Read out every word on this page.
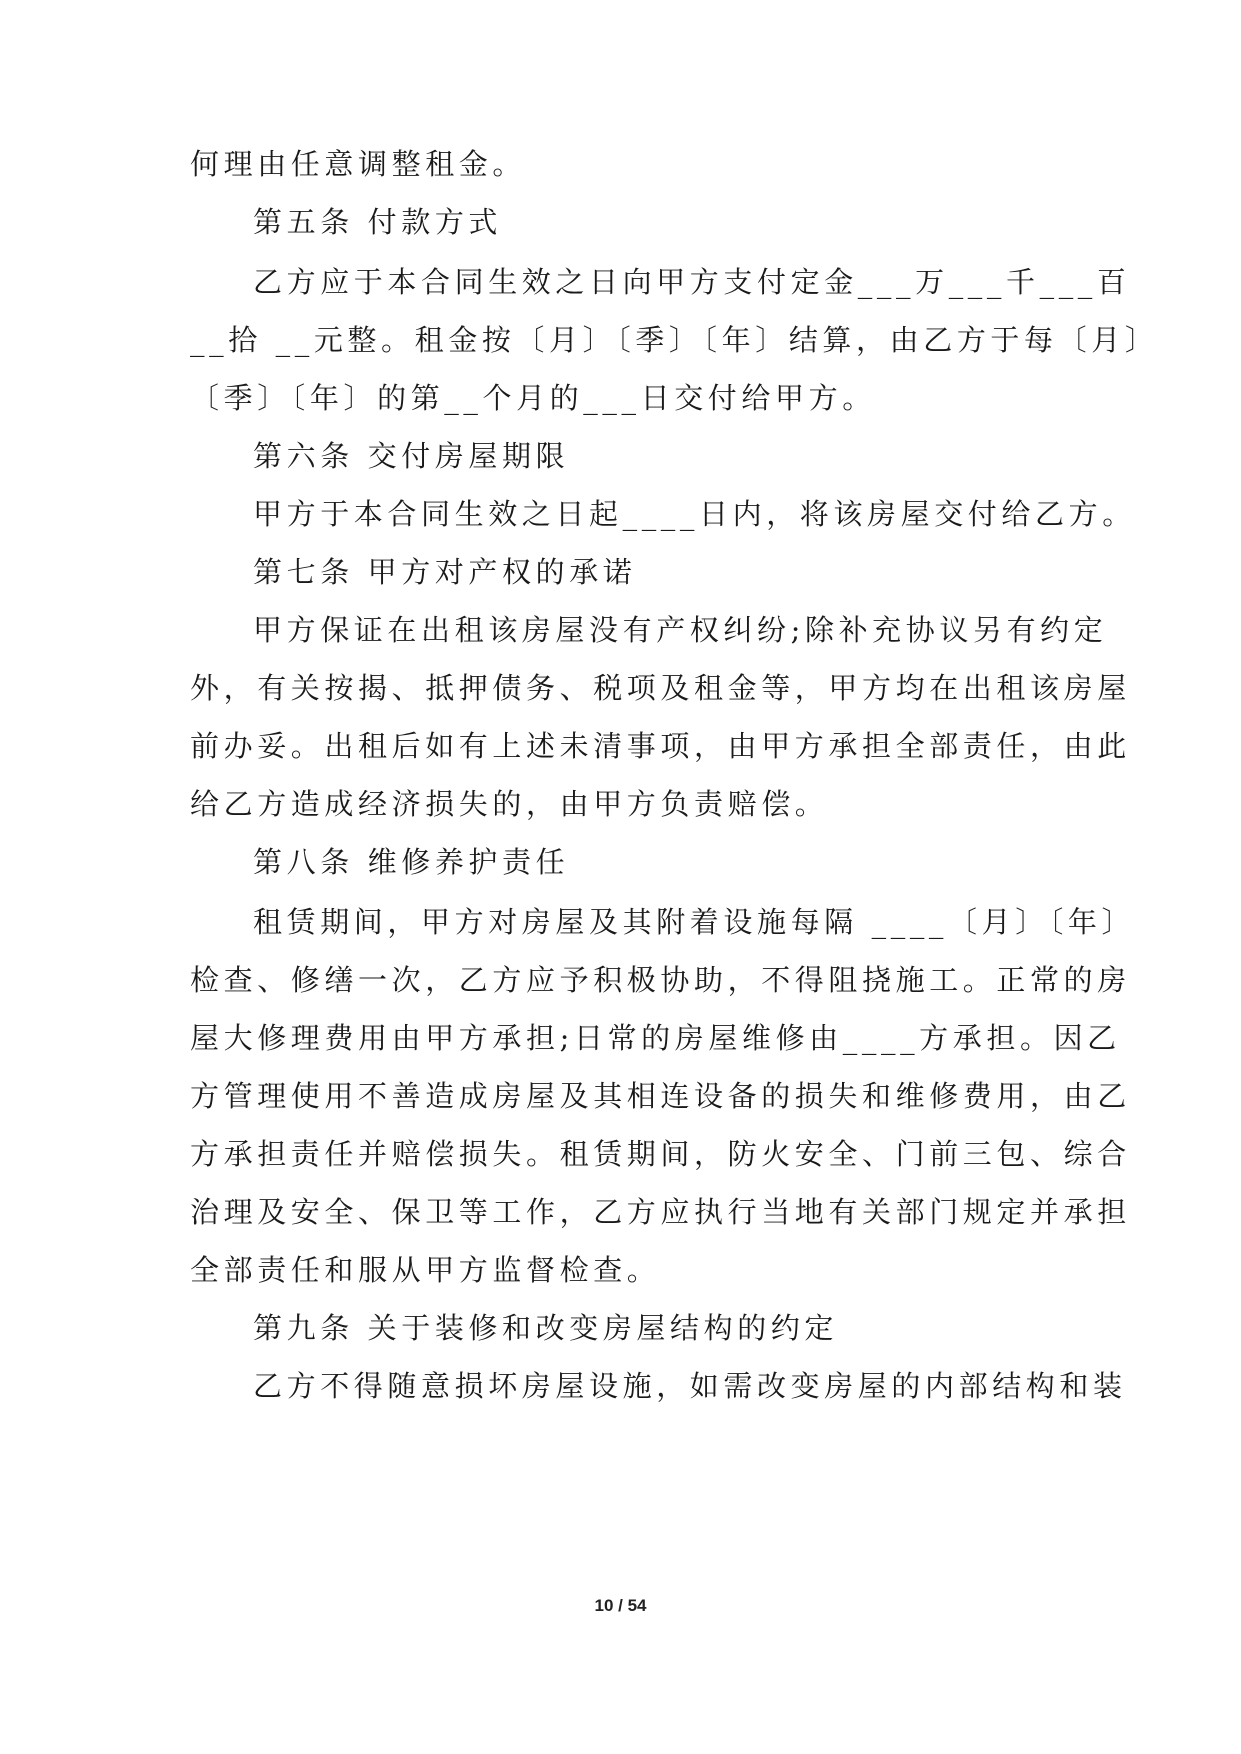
何理由任意调整租金。
第五条 付款方式
乙方应于本合同生效之日向甲方支付定金___万___千___百
__拾 __元整。租金按〔月〕〔季〕〔年〕结算，由乙方于每〔月〕
〔季〕〔年〕的第__个月的___日交付给甲方。
第六条 交付房屋期限
甲方于本合同生效之日起____日内，将该房屋交付给乙方。
第七条 甲方对产权的承诺
甲方保证在出租该房屋没有产权纠纷;除补充协议另有约定
外，有关按揭、抵押债务、税项及租金等，甲方均在出租该房屋
前办妥。出租后如有上述未清事项，由甲方承担全部责任，由此
给乙方造成经济损失的，由甲方负责赔偿。
第八条 维修养护责任
租赁期间，甲方对房屋及其附着设施每隔 ____〔月〕〔年〕
检查、修缮一次，乙方应予积极协助，不得阻挠施工。正常的房
屋大修理费用由甲方承担;日常的房屋维修由____方承担。因乙
方管理使用不善造成房屋及其相连设备的损失和维修费用，由乙
方承担责任并赔偿损失。租赁期间，防火安全、门前三包、综合
治理及安全、保卫等工作，乙方应执行当地有关部门规定并承担
全部责任和服从甲方监督检查。
第九条 关于装修和改变房屋结构的约定
乙方不得随意损坏房屋设施，如需改变房屋的内部结构和装
10 / 54
